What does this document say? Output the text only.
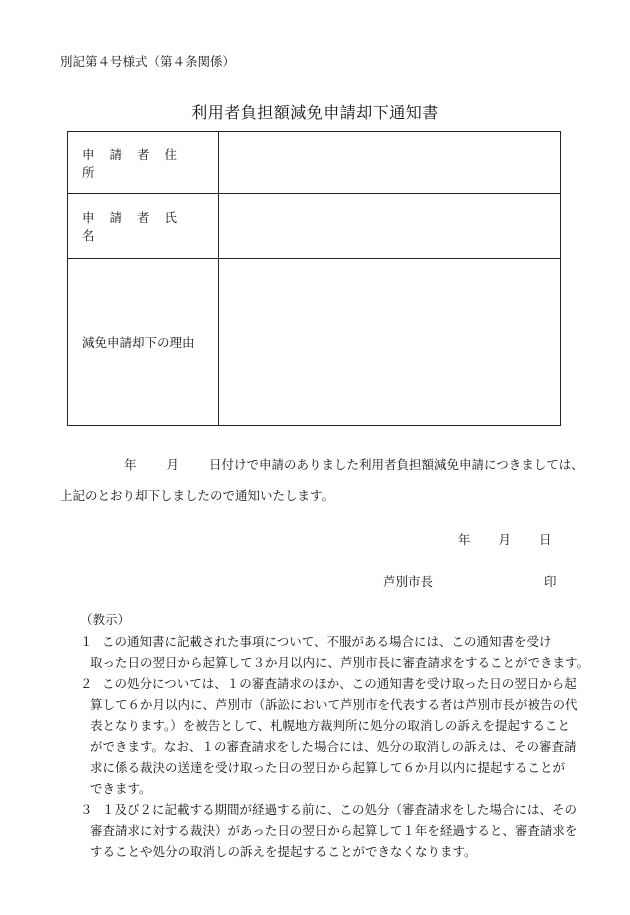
別記第４号様式（第４条関係）
利用者負担額減免申請却下通知書
申請者住所	
申請者氏名	
減免申請却下の理由	
年 月 日付けで申請のありました利用者負担額減免申請につきましては、
上記のとおり却下しましたので通知いたします。
年 月 日
芦別市長	印
（教示）
１ この通知書に記載された事項について、不服がある場合には、この通知書を受け
取った日の翌日から起算して３か月以内に、芦別市長に審査請求をすることができます。
２ この処分については、１の審査請求のほか、この通知書を受け取った日の翌日から起
算して６か月以内に、芦別市（訴訟において芦別市を代表する者は芦別市長が被告の代
表となります。）を被告として、札幌地方裁判所に処分の取消しの訴えを提起すること
ができます。なお、１の審査請求をした場合には、処分の取消しの訴えは、その審査請
求に係る裁決の送達を受け取った日の翌日から起算して６か月以内に提起することが
できます。
３ １及び２に記載する期間が経過する前に、この処分（審査請求をした場合には、その
審査請求に対する裁決）があった日の翌日から起算して１年を経過すると、審査請求を
することや処分の取消しの訴えを提起することができなくなります。
